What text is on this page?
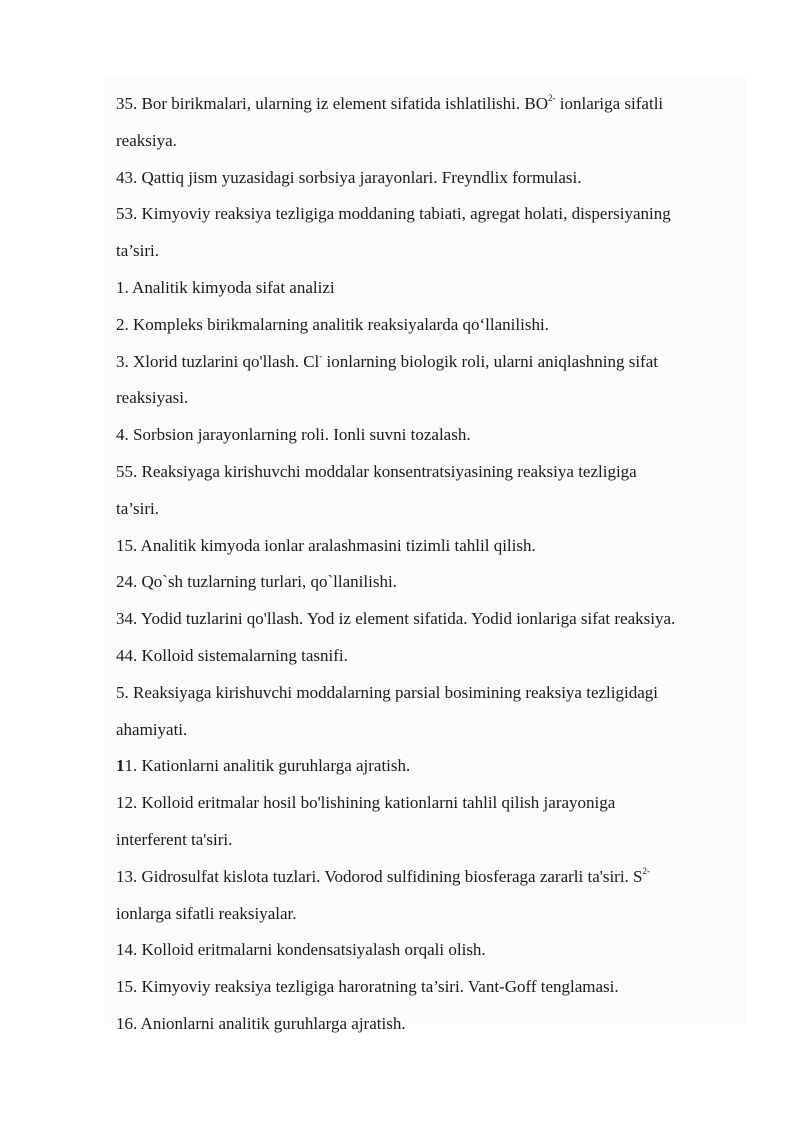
35. Bor birikmalari, ularning iz element sifatida ishlatilishi. $BO^{2-}$ ionlariga sifatli

reaksiya.

43. Qattiq jism yuzasidagi sorbsiya jarayonlari. Freyndlix formulasi.

53. Kimyoviy reaksiya tezligiga moddaning tabiati, agregat holati, dispersiyaning

ta’siri.

1. Analitik kimyoda sifat analizi

2. Kompleks birikmalarning analitik reaksiyalarda qo‘llanilishi.

3. Xlorid tuzlarini qo'llash. Cl- ionlarning biologik roli, ularni aniqlashning sifat

reaksiyasi.

4. Sorbsion jarayonlarning roli. Ionli suvni tozalash.

55. Reaksiyaga kirishuvchi moddalar konsentratsiyasining reaksiya tezligiga

ta’siri.

15. Analitik kimyoda ionlar aralashmasini tizimli tahlil qilish.

24. Qo`sh tuzlarning turlari, qo`llanilishi.

34. Yodid tuzlarini qo'llash. Yod iz element sifatida. Yodid ionlariga sifat reaksiya.

44. Kolloid sistemalarning tasnifi.

5. Reaksiyaga kirishuvchi moddalarning parsial bosimining reaksiya tezligidagi

ahamiyati.

11. Kationlarni analitik guruhlarga ajratish.

12. Kolloid eritmalar hosil bo'lishining kationlarni tahlil qilish jarayoniga

interferent ta'siri.

13. Gidrosulfat kislota tuzlari. Vodorod sulfidining biosferaga zararli ta'siri. $S^{2-}$

ionlarga sifatli reaksiyalar.

14. Kolloid eritmalarni kondensatsiyalash orqali olish.

15. Kimyoviy reaksiya tezligiga haroratning ta’siri. Vant-Goff tenglamasi.

16. Anionlarni analitik guruhlarga ajratish.
